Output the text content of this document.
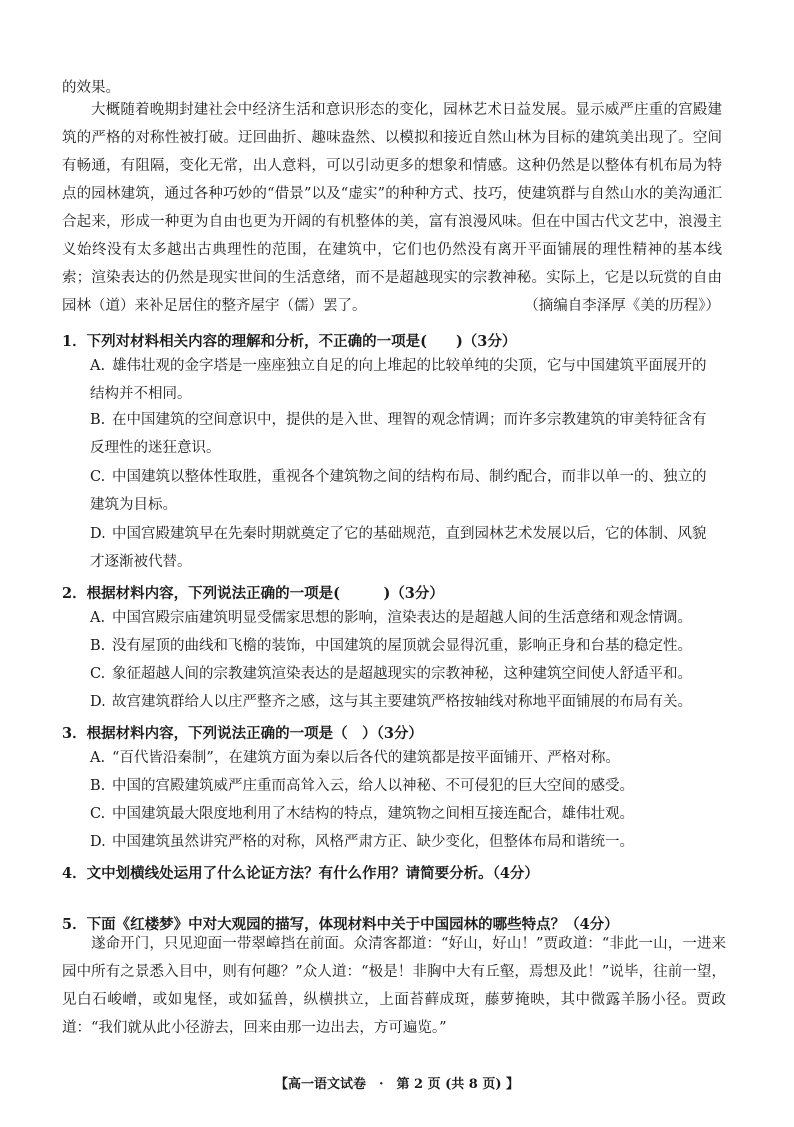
的效果。
大概随着晚期封建社会中经济生活和意识形态的变化，园林艺术日益发展。显示威严庄重的宫殿建筑的严格的对称性被打破。迂回曲折、趣味盎然、以模拟和接近自然山林为目标的建筑美出现了。空间有畅通，有阻隔，变化无常，出人意料，可以引动更多的想象和情感。这种仍然是以整体有机布局为特点的园林建筑，通过各种巧妙的“借景”以及“虚实”的种种方式、技巧，使建筑群与自然山水的美沟通汇合起来，形成一种更为自由也更为开阔的有机整体的美，富有浪漫风味。但在中国古代文艺中，浪漫主义始终没有太多越出古典理性的范围，在建筑中，它们也仍然没有离开平面铺展的理性精神的基本线索；渲染表达的仍然是现实世间的生活意绪，而不是超越现实的宗教神秘。实际上，它是以玩赏的自由园林（道）来补足居住的整齐屋宇（儒）罢了。	（摘编自李泽厚《美的历程》）
1．下列对材料相关内容的理解和分析，不正确的一项是(　　)（3分）
A. 雄伟壮观的金字塔是一座座独立自足的向上堆起的比较单纯的尖顶，它与中国建筑平面展开的结构并不相同。
B. 在中国建筑的空间意识中，提供的是入世、理智的观念情调；而许多宗教建筑的审美特征含有反理性的迷狂意识。
C. 中国建筑以整体性取胜，重视各个建筑物之间的结构布局、制约配合，而非以单一的、独立的建筑为目标。
D. 中国宫殿建筑早在先秦时期就奠定了它的基础规范，直到园林艺术发展以后，它的体制、风貌才逐渐被代替。
2．根据材料内容，下列说法正确的一项是(　　　)（3分）
A. 中国宫殿宗庙建筑明显受儒家思想的影响，渲染表达的是超越人间的生活意绪和观念情调。
B. 没有屋顶的曲线和飞檐的装饰，中国建筑的屋顶就会显得沉重，影响正身和台基的稳定性。
C. 象征超越人间的宗教建筑渲染表达的是超越现实的宗教神秘，这种建筑空间使人舒适平和。
D. 故宫建筑群给人以庄严整齐之感，这与其主要建筑严格按轴线对称地平面铺展的布局有关。
3．根据材料内容，下列说法正确的一项是（　）（3分）
A. “百代皆沿秦制”，在建筑方面为秦以后各代的建筑都是按平面铺开、严格对称。
B. 中国的宫殿建筑威严庄重而高耸入云，给人以神秘、不可侵犯的巨大空间的感受。
C. 中国建筑最大限度地利用了木结构的特点，建筑物之间相互接连配合，雄伟壮观。
D. 中国建筑虽然讲究严格的对称，风格严肃方正、缺少变化，但整体布局和谐统一。
4．文中划横线处运用了什么论证方法？有什么作用？请简要分析。（4分）
5．下面《红楼梦》中对大观园的描写，体现材料中关于中国园林的哪些特点？（4分）
遂命开门，只见迎面一带翠嶂挡在前面。众清客都道：“好山，好山！”贾政道：“非此一山，一进来园中所有之景悉入目中，则有何趣？”众人道：“极是！非胸中大有丘壑，焉想及此！”说毕，往前一望，见白石峻嶒，或如鬼怪，或如猛兽，纵横拱立，上面苔藓成斑，藤萝掩映，其中微露羊肠小径。贾政道：“我们就从此小径游去，回来由那一边出去，方可遍览。”
【高一语文试卷　·　第 2 页 (共 8 页) 】
